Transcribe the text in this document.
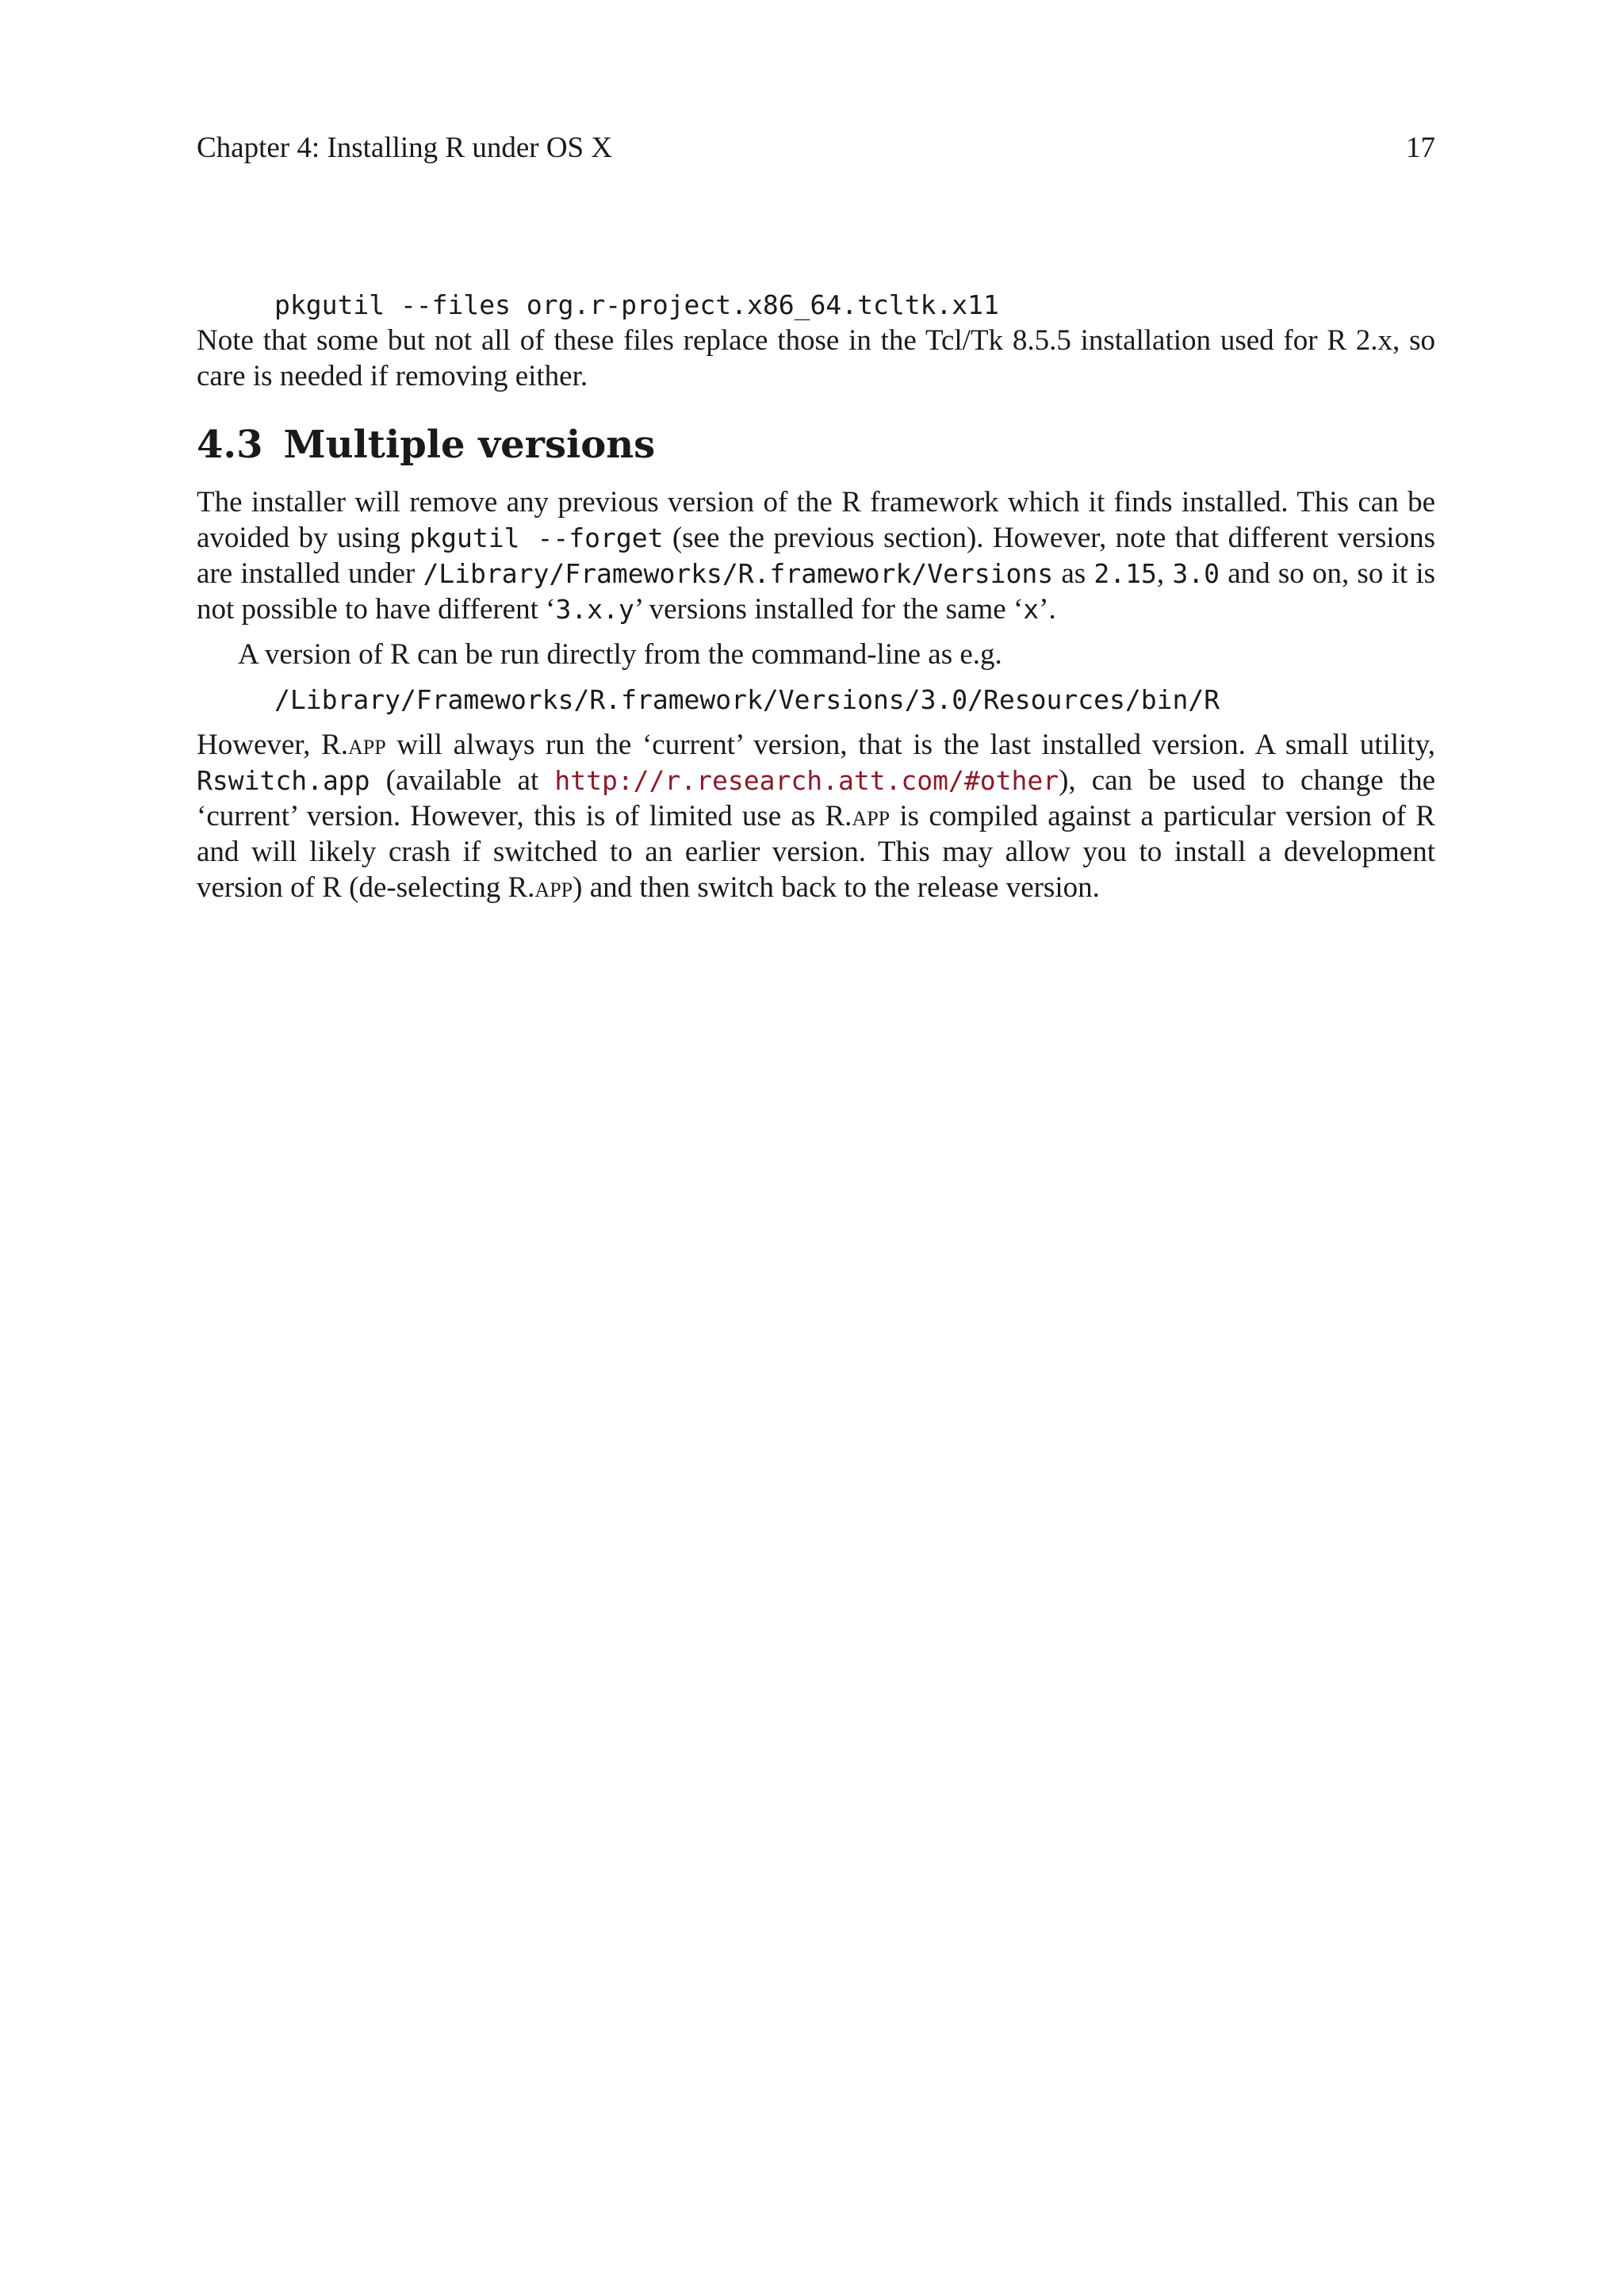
Chapter 4: Installing R under OS X	17
pkgutil --files org.r-project.x86_64.tcltk.x11

Note that some but not all of these files replace those in the Tcl/Tk 8.5.5 installation used for R 2.x, so care is needed if removing either.

4.3 Multiple versions

The installer will remove any previous version of the R framework which it finds installed. This can be avoided by using pkgutil --forget (see the previous section). However, note that different versions are installed under /Library/Frameworks/R.framework/Versions as 2.15, 3.0 and so on, so it is not possible to have different ‘3.x.y’ versions installed for the same ‘x’.

A version of R can be run directly from the command-line as e.g.

/Library/Frameworks/R.framework/Versions/3.0/Resources/bin/R

However, R.app will always run the ‘current’ version, that is the last installed version. A small utility, Rswitch.app (available at http://r.research.att.com/#other), can be used to change the ‘current’ version. However, this is of limited use as R.app is compiled against a particular version of R and will likely crash if switched to an earlier version. This may allow you to install a development version of R (de-selecting R.app) and then switch back to the release version.
